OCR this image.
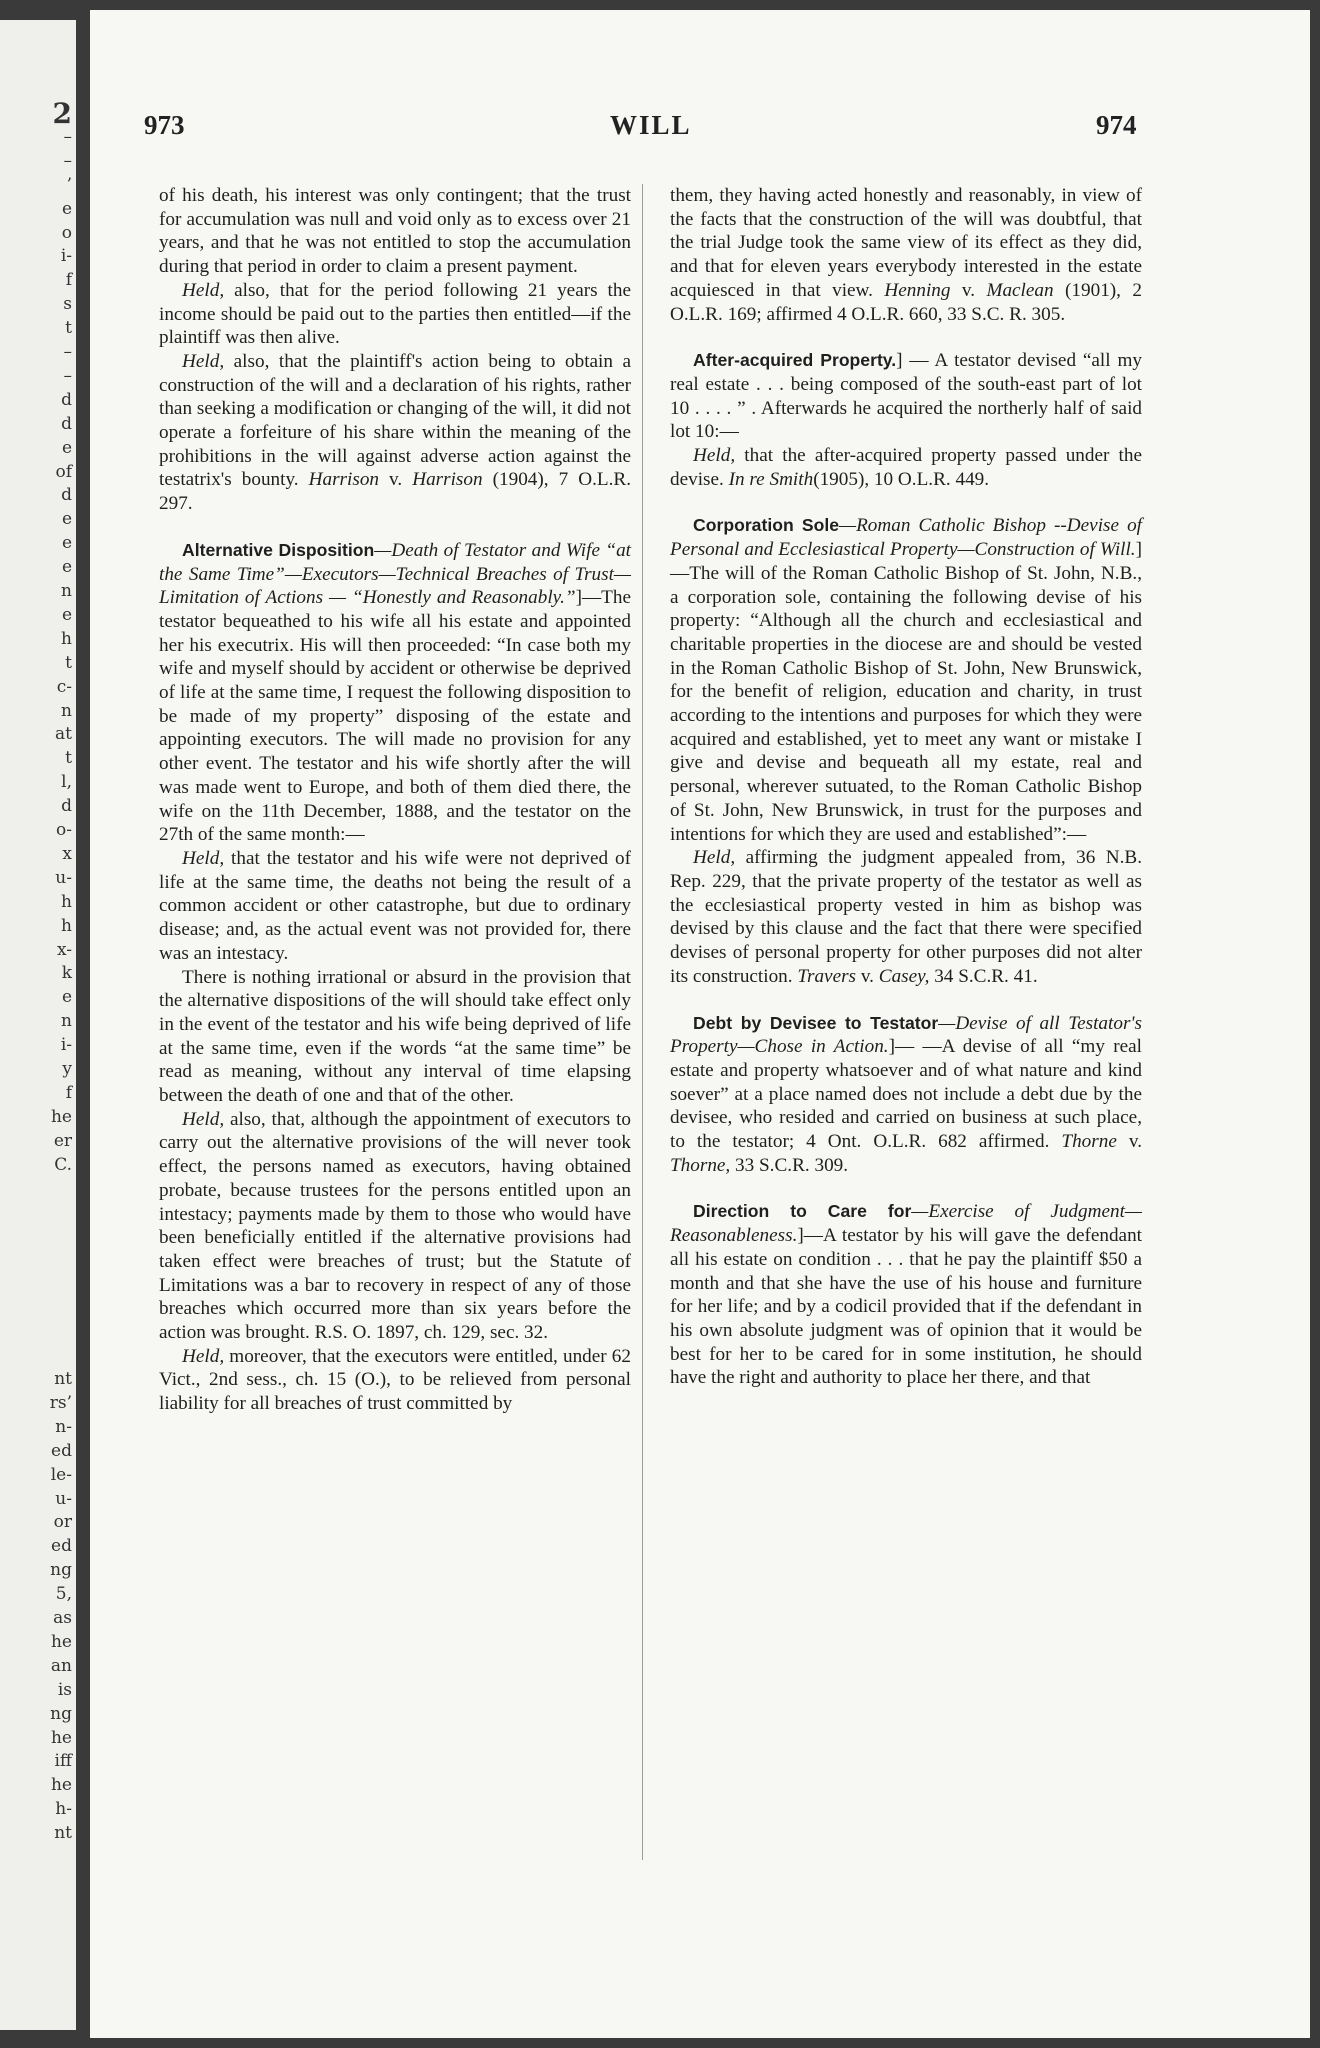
2
–
–
’
e
o
i-
f
s
t
–
–
d
d
e
of
d
e
e
e
n
e
h
t
c-
n
at
t
l,
d
o-
x
u-
h
h
x-
k
e
n
i-
y
f
he
er
C.
nt
rs’
n-
ed
le-
u-
or
ed
ng
5,
as
he
an
is
ng
he
iff
he
h-
nt
973	WILL	974

of his death, his interest was only contingent; that the trust for accumulation was null and void only as to excess over 21 years, and that he was not entitled to stop the accumulation during that period in order to claim a present payment.

Held, also, that for the period following 21 years the income should be paid out to the parties then entitled—if the plaintiff was then alive.

Held, also, that the plaintiff's action being to obtain a construction of the will and a declaration of his rights, rather than seeking a modification or changing of the will, it did not operate a forfeiture of his share within the meaning of the prohibitions in the will against adverse action against the testatrix's bounty. Harrison v. Harrison (1904), 7 O.L.R. 297.

Alternative Disposition—Death of Testator and Wife “at the Same Time”—Executors—Technical Breaches of Trust—Limitation of Actions — “Honestly and Reasonably.”]—The testator bequeathed to his wife all his estate and appointed her his executrix. His will then proceeded: “In case both my wife and myself should by accident or otherwise be deprived of life at the same time, I request the following disposition to be made of my property” disposing of the estate and appointing executors. The will made no provision for any other event. The testator and his wife shortly after the will was made went to Europe, and both of them died there, the wife on the 11th December, 1888, and the testator on the 27th of the same month:—

Held, that the testator and his wife were not deprived of life at the same time, the deaths not being the result of a common accident or other catastrophe, but due to ordinary disease; and, as the actual event was not provided for, there was an intestacy.

There is nothing irrational or absurd in the provision that the alternative dispositions of the will should take effect only in the event of the testator and his wife being deprived of life at the same time, even if the words “at the same time” be read as meaning, without any interval of time elapsing between the death of one and that of the other.

Held, also, that, although the appointment of executors to carry out the alternative provisions of the will never took effect, the persons named as executors, having obtained probate, because trustees for the persons entitled upon an intestacy; payments made by them to those who would have been beneficially entitled if the alternative provisions had taken effect were breaches of trust; but the Statute of Limitations was a bar to recovery in respect of any of those breaches which occurred more than six years before the action was brought. R.S. O. 1897, ch. 129, sec. 32.

Held, moreover, that the executors were entitled, under 62 Vict., 2nd sess., ch. 15 (O.), to be relieved from personal liability for all breaches of trust committed by

them, they having acted honestly and reasonably, in view of the facts that the construction of the will was doubtful, that the trial Judge took the same view of its effect as they did, and that for eleven years everybody interested in the estate acquiesced in that view. Henning v. Maclean (1901), 2 O.L.R. 169; affirmed 4 O.L.R. 660, 33 S.C. R. 305.

After-acquired Property.] — A testator devised “all my real estate . . . being composed of the south-east part of lot 10 . . . . ” . Afterwards he acquired the northerly half of said lot 10:—

Held, that the after-acquired property passed under the devise. In re Smith(1905), 10 O.L.R. 449.

Corporation Sole—Roman Catholic Bishop --Devise of Personal and Ecclesiastical Property—Construction of Will.]—The will of the Roman Catholic Bishop of St. John, N.B., a corporation sole, containing the following devise of his property: “Although all the church and ecclesiastical and charitable properties in the diocese are and should be vested in the Roman Catholic Bishop of St. John, New Brunswick, for the benefit of religion, education and charity, in trust according to the intentions and purposes for which they were acquired and established, yet to meet any want or mistake I give and devise and bequeath all my estate, real and personal, wherever sutuated, to the Roman Catholic Bishop of St. John, New Brunswick, in trust for the purposes and intentions for which they are used and established”:—

Held, affirming the judgment appealed from, 36 N.B. Rep. 229, that the private property of the testator as well as the ecclesiastical property vested in him as bishop was devised by this clause and the fact that there were specified devises of personal property for other purposes did not alter its construction. Travers v. Casey, 34 S.C.R. 41.

Debt by Devisee to Testator—Devise of all Testator's Property—Chose in Action.]— —A devise of all “my real estate and property whatsoever and of what nature and kind soever” at a place named does not include a debt due by the devisee, who resided and carried on business at such place, to the testator; 4 Ont. O.L.R. 682 affirmed. Thorne v. Thorne, 33 S.C.R. 309.

Direction to Care for—Exercise of Judgment—Reasonableness.]—A testator by his will gave the defendant all his estate on condition . . . that he pay the plaintiff $50 a month and that she have the use of his house and furniture for her life; and by a codicil provided that if the defendant in his own absolute judgment was of opinion that it would be best for her to be cared for in some institution, he should have the right and authority to place her there, and that
